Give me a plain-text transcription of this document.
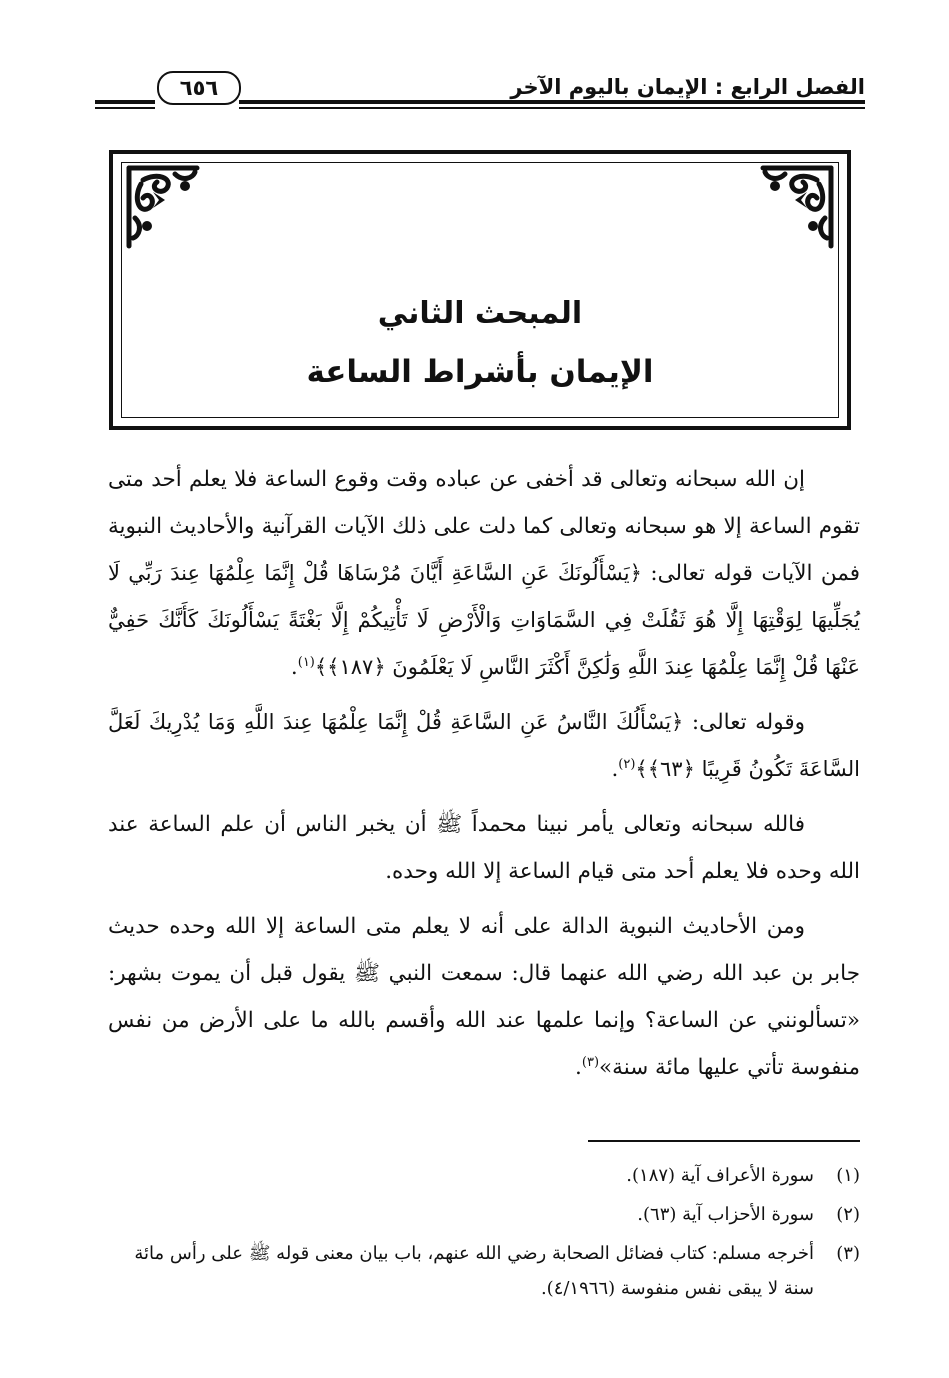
الفصل الرابع : الإيمان باليوم الآخر
٦٥٦
المبحث الثاني
الإيمان بأشراط الساعة

إن الله سبحانه وتعالى قد أخفى عن عباده وقت وقوع الساعة فلا يعلم أحد متى تقوم الساعة إلا هو سبحانه وتعالى كما دلت على ذلك الآيات القرآنية والأحاديث النبوية فمن الآيات قوله تعالى: ﴿يَسْأَلُونَكَ عَنِ السَّاعَةِ أَيَّانَ مُرْسَاهَا قُلْ إِنَّمَا عِلْمُهَا عِندَ رَبِّي لَا يُجَلِّيهَا لِوَقْتِهَا إِلَّا هُوَ ثَقُلَتْ فِي السَّمَاوَاتِ وَالْأَرْضِ لَا تَأْتِيكُمْ إِلَّا بَغْتَةً يَسْأَلُونَكَ كَأَنَّكَ حَفِيٌّ عَنْهَا قُلْ إِنَّمَا عِلْمُهَا عِندَ اللَّهِ وَلَٰكِنَّ أَكْثَرَ النَّاسِ لَا يَعْلَمُونَ ﴿١٨٧﴾﴾$^{(١)}$.

وقوله تعالى: ﴿يَسْأَلُكَ النَّاسُ عَنِ السَّاعَةِ قُلْ إِنَّمَا عِلْمُهَا عِندَ اللَّهِ وَمَا يُدْرِيكَ لَعَلَّ السَّاعَةَ تَكُونُ قَرِيبًا ﴿٦٣﴾﴾$^{(٢)}$.

فالله سبحانه وتعالى يأمر نبينا محمداً ﷺ أن يخبر الناس أن علم الساعة عند الله وحده فلا يعلم أحد متى قيام الساعة إلا الله وحده.

ومن الأحاديث النبوية الدالة على أنه لا يعلم متى الساعة إلا الله وحده حديث جابر بن عبد الله رضي الله عنهما قال: سمعت النبي ﷺ يقول قبل أن يموت بشهر: «تسألونني عن الساعة؟ وإنما علمها عند الله وأقسم بالله ما على الأرض من نفس منفوسة تأتي عليها مائة سنة»$^{(٣)}$.

(١)
سورة الأعراف آية (١٨٧).
(٢)
سورة الأحزاب آية (٦٣).
(٣)
أخرجه مسلم: كتاب فضائل الصحابة رضي الله عنهم، باب بيان معنى قوله ﷺ على رأس مائة سنة لا يبقى نفس منفوسة (٤/١٩٦٦).
